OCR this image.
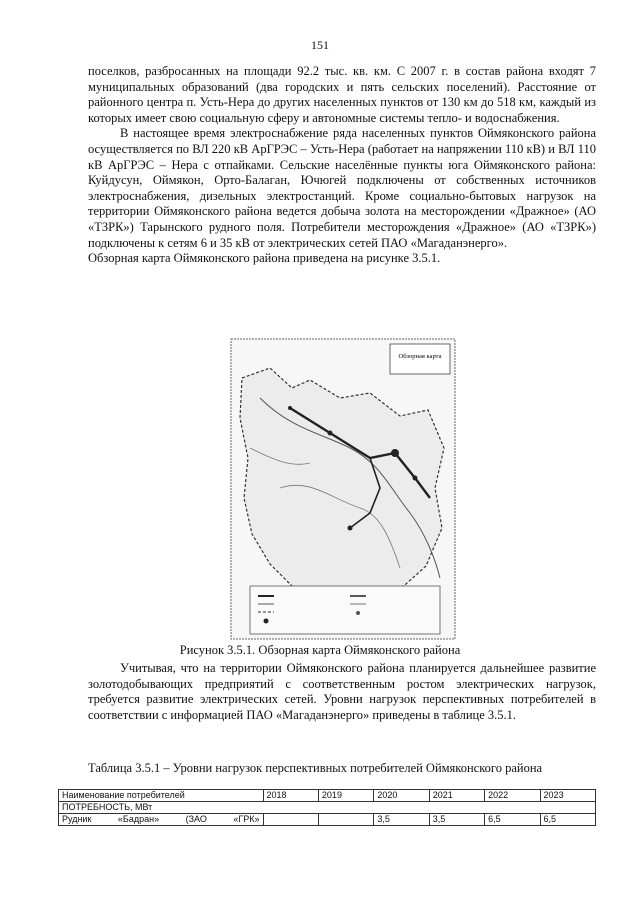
151

поселков, разбросанных на площади 92.2 тыс. кв. км. С 2007 г. в состав района входят 7 муниципальных образований (два городских и пять сельских поселений). Расстояние от районного центра п. Усть-Нера до других населенных пунктов от 130 км до 518 км, каждый из которых имеет свою социальную сферу и автономные системы тепло- и водоснабжения.

В настоящее время электроснабжение ряда населенных пунктов Оймяконского района осуществляется по ВЛ 220 кВ АрГРЭС – Усть-Нера (работает на напряжении 110 кВ) и ВЛ 110 кВ АрГРЭС – Нера с отпайками. Сельские населённые пункты юга Оймяконского района: Куйдусун, Оймякон, Орто-Балаган, Ючюгей подключены от собственных источников электроснабжения, дизельных электростанций. Кроме социально-бытовых нагрузок на территории Оймяконского района ведется добыча золота на месторождении «Дражное» (АО «ТЗРК») Тарынского рудного поля. Потребители месторождения «Дражное» (АО «ТЗРК») подключены к сетям 6 и 35 кВ от электрических сетей ПАО «Магаданэнерго».

Обзорная карта Оймяконского района приведена на рисунке 3.5.1.

Обзорная карта
Рисунок 3.5.1. Обзорная карта Оймяконского района

Учитывая, что на территории Оймяконского района планируется дальнейшее развитие золотодобывающих предприятий с соответственным ростом электрических нагрузок, требуется развитие электрических сетей. Уровни нагрузок перспективных потребителей в соответствии с информацией ПАО «Магаданэнерго» приведены в таблице 3.5.1.

Таблица 3.5.1 – Уровни нагрузок перспективных потребителей Оймяконского района
Наименование потребителей	2018	2019	2020	2021	2022	2023
ПОТРЕБНОСТЬ, МВт						
Рудник «Бадран» (ЗАО «ГРК»			3,5	3,5	6,5	6,5
